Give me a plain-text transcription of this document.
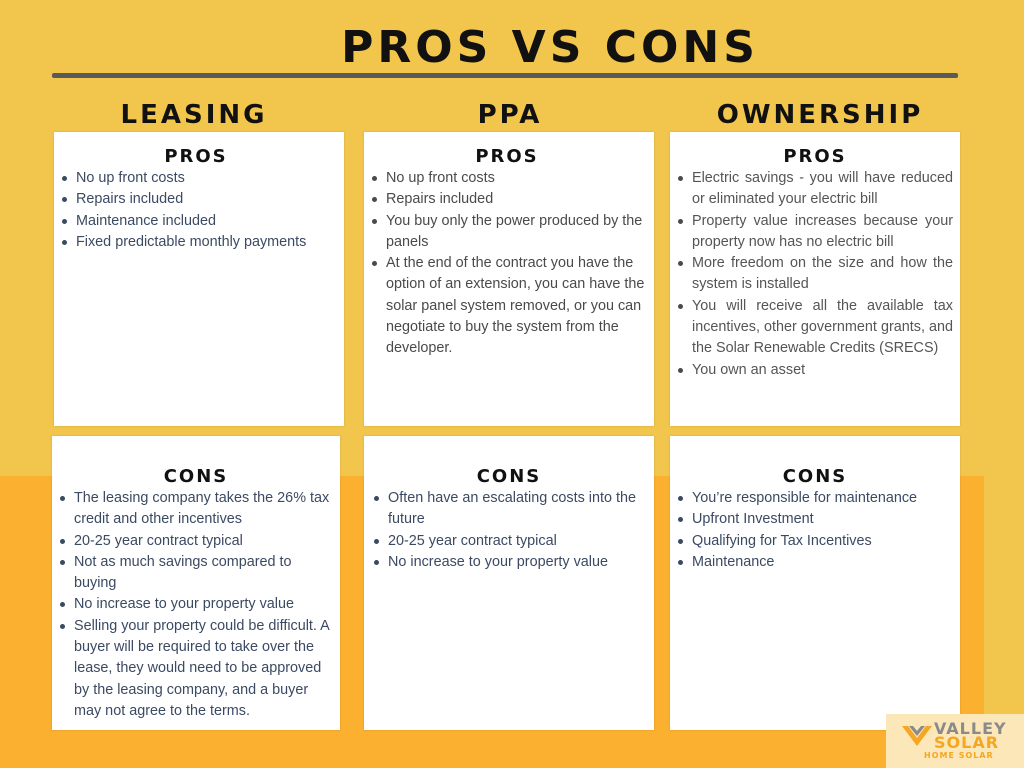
PROS VS CONS
LEASING	PPA	OWNERSHIP
PROS
No up front costs
Repairs included
Maintenance included
Fixed predictable monthly payments
PROS
No up front costs
Repairs included
You buy only the power produced by the panels
At the end of the contract you have the option of an extension, you can have the solar panel system removed, or you can negotiate to buy the system from the developer.
PROS
Electric savings - you will have reduced or eliminated your electric bill
Property value increases because your property now has no electric bill
More freedom on the size and how the system is installed
You will receive all the available tax incentives, other government grants, and the Solar Renewable Credits (SRECS)
You own an asset
CONS
The leasing company takes the 26% tax credit and other incentives
20-25 year contract typical
Not as much savings compared to buying
No increase to your property value
Selling your property could be difficult. A buyer will be required to take over the lease, they would need to be approved by the leasing company, and a buyer may not agree to the terms.
CONS
Often have an escalating costs into the future
20-25 year contract typical
No increase to your property value
CONS
You’re responsible for maintenance
Upfront Investment
Qualifying for Tax Incentives
Maintenance
VALLEY
SOLAR
HOME SOLAR
